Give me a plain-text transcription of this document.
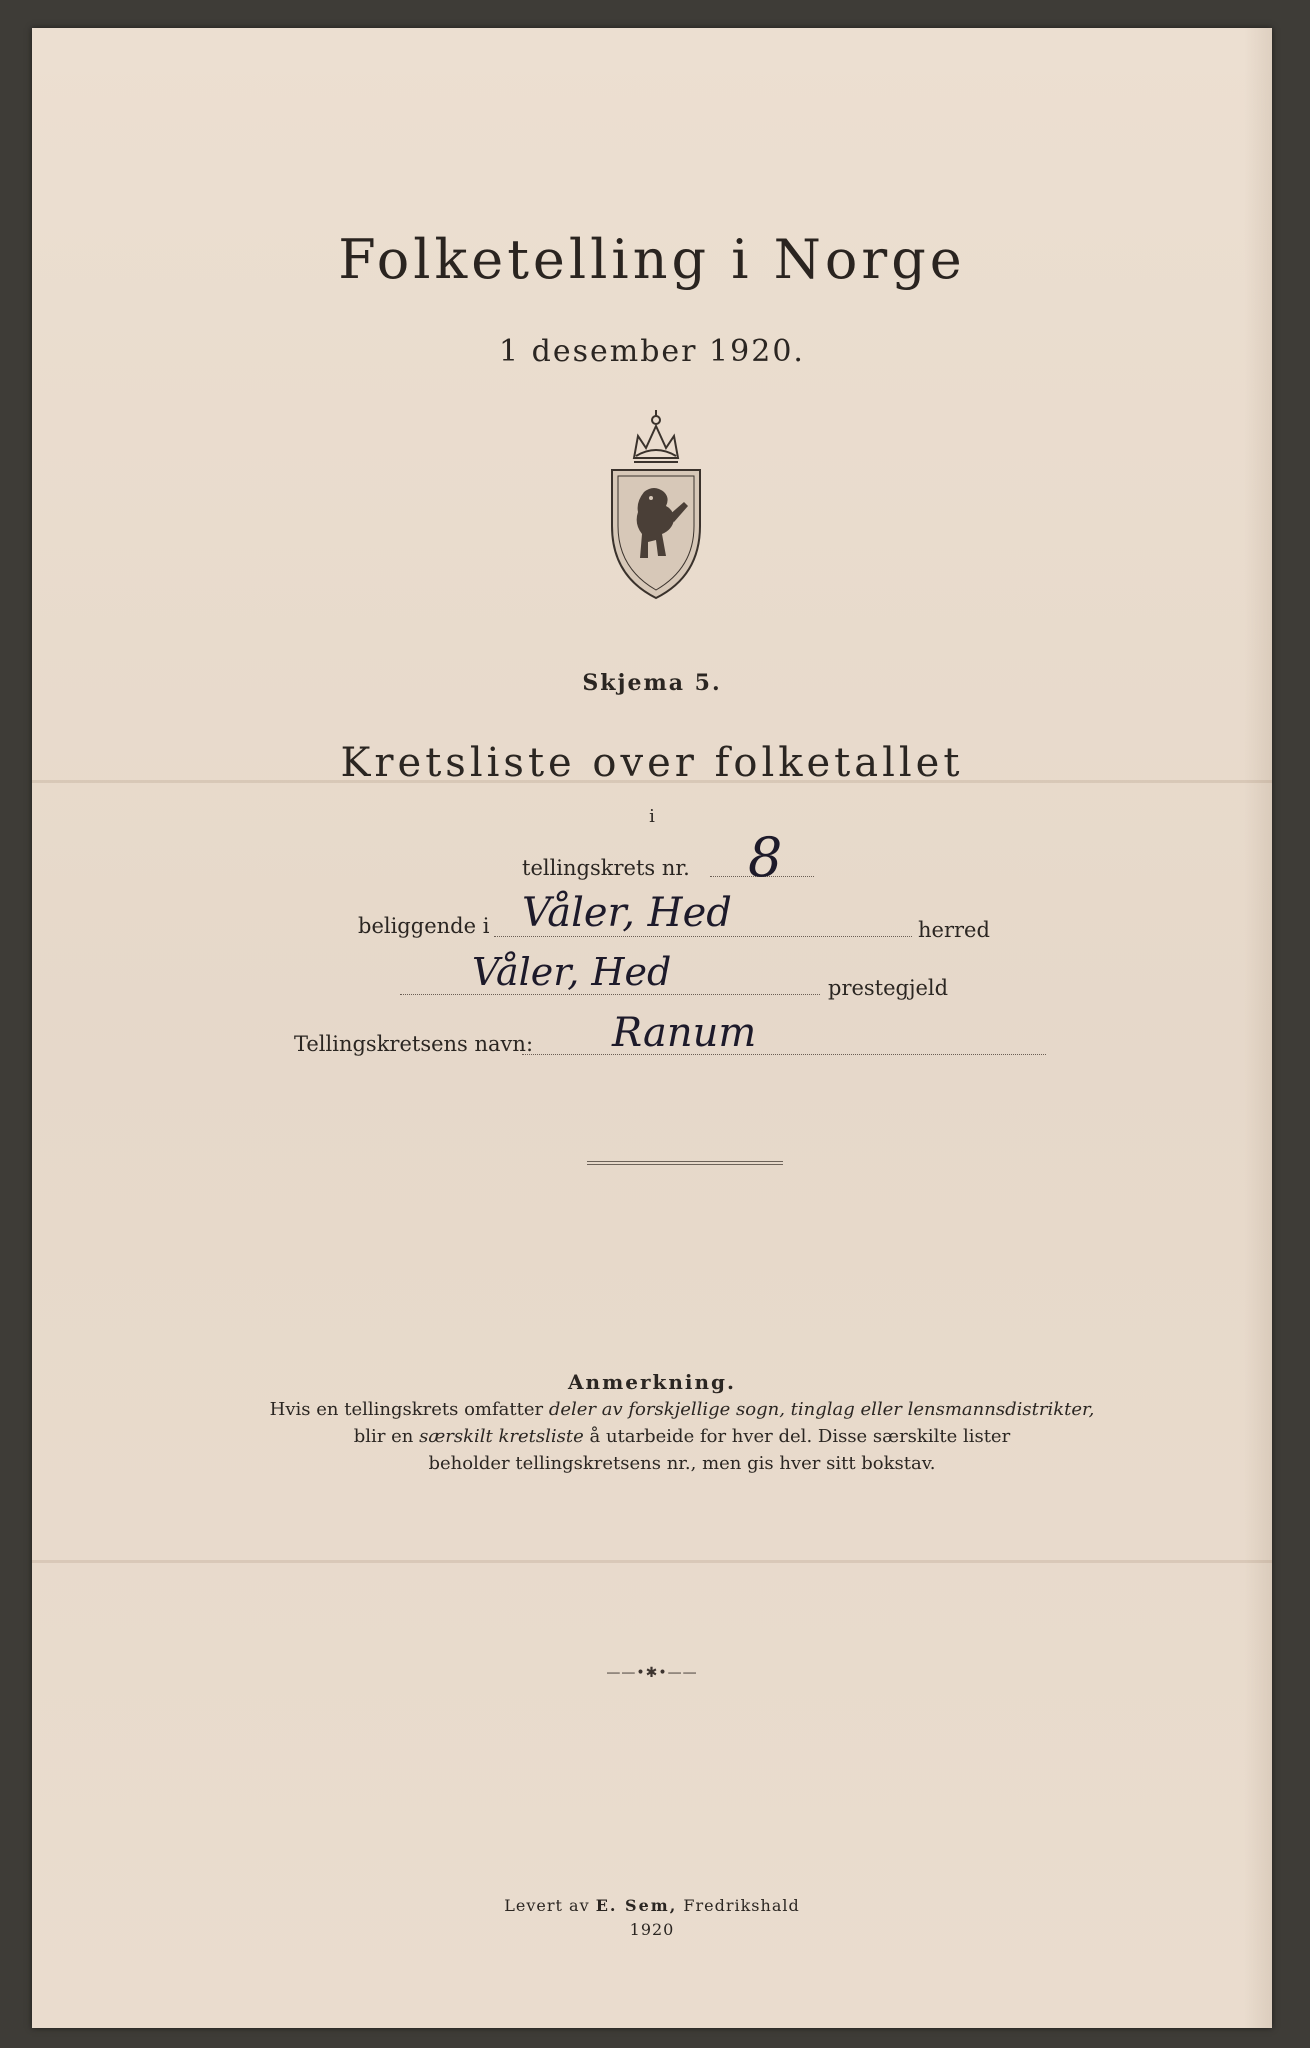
Folketelling i Norge
1 desember 1920.
Skjema 5.
Kretsliste over folketallet
i
tellingskrets nr. 8
beliggende i Våler, Hed	herred
Våler, Hed	prestegjeld
Tellingskretsens navn: Ranum
Anmerkning.
Hvis en tellingskrets omfatter deler av forskjellige sogn, tinglag eller lensmannsdistrikter,
blir en særskilt kretsliste å utarbeide for hver del. Disse særskilte lister
beholder tellingskretsens nr., men gis hver sitt bokstav.
——•✱•——
Levert av E. Sem, Fredrikshald
1920
